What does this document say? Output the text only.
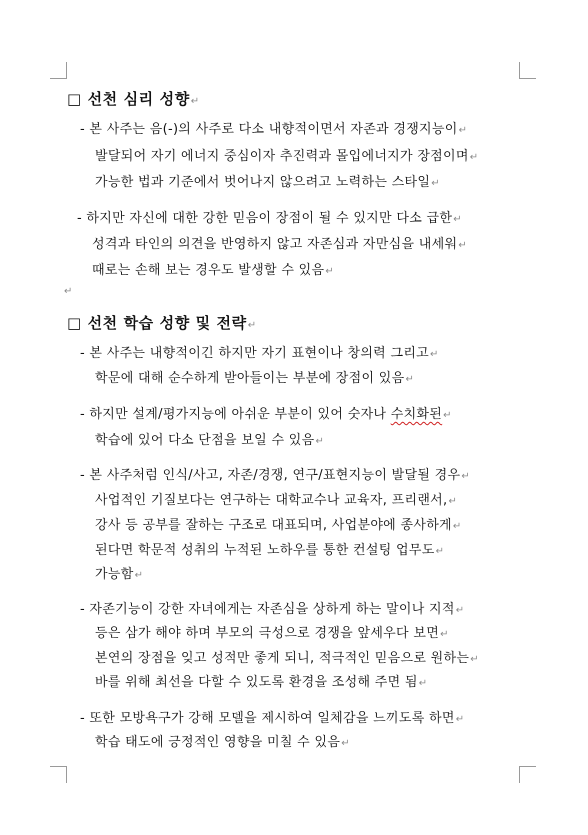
□ 선천 심리 성향↵
- 본 사주는 음(-)의 사주로 다소 내향적이면서 자존과 경쟁지능이↵
발달되어 자기 에너지 중심이자 추진력과 몰입에너지가 장점이며↵
가능한 법과 기준에서 벗어나지 않으려고 노력하는 스타일↵
- 하지만 자신에 대한 강한 믿음이 장점이 될 수 있지만 다소 급한↵
성격과 타인의 의견을 반영하지 않고 자존심과 자만심을 내세워↵
때로는 손해 보는 경우도 발생할 수 있음↵
↵
□ 선천 학습 성향 및 전략↵
- 본 사주는 내향적이긴 하지만 자기 표현이나 창의력 그리고↵
학문에 대해 순수하게 받아들이는 부분에 장점이 있음↵
- 하지만 설계/평가지능에 아쉬운 부분이 있어 숫자나 수치화된↵
학습에 있어 다소 단점을 보일 수 있음↵
- 본 사주처럼 인식/사고, 자존/경쟁, 연구/표현지능이 발달될 경우↵
사업적인 기질보다는 연구하는 대학교수나 교육자, 프리랜서,↵
강사 등 공부를 잘하는 구조로 대표되며, 사업분야에 종사하게↵
된다면 학문적 성취의 누적된 노하우를 통한 컨설팅 업무도↵
가능함↵
- 자존기능이 강한 자녀에게는 자존심을 상하게 하는 말이나 지적↵
등은 삼가 해야 하며 부모의 극성으로 경쟁을 앞세우다 보면↵
본연의 장점을 잊고 성적만 좋게 되니, 적극적인 믿음으로 원하는↵
바를 위해 최선을 다할 수 있도록 환경을 조성해 주면 됨↵
- 또한 모방욕구가 강해 모델을 제시하여 일체감을 느끼도록 하면↵
학습 태도에 긍정적인 영향을 미칠 수 있음↵
